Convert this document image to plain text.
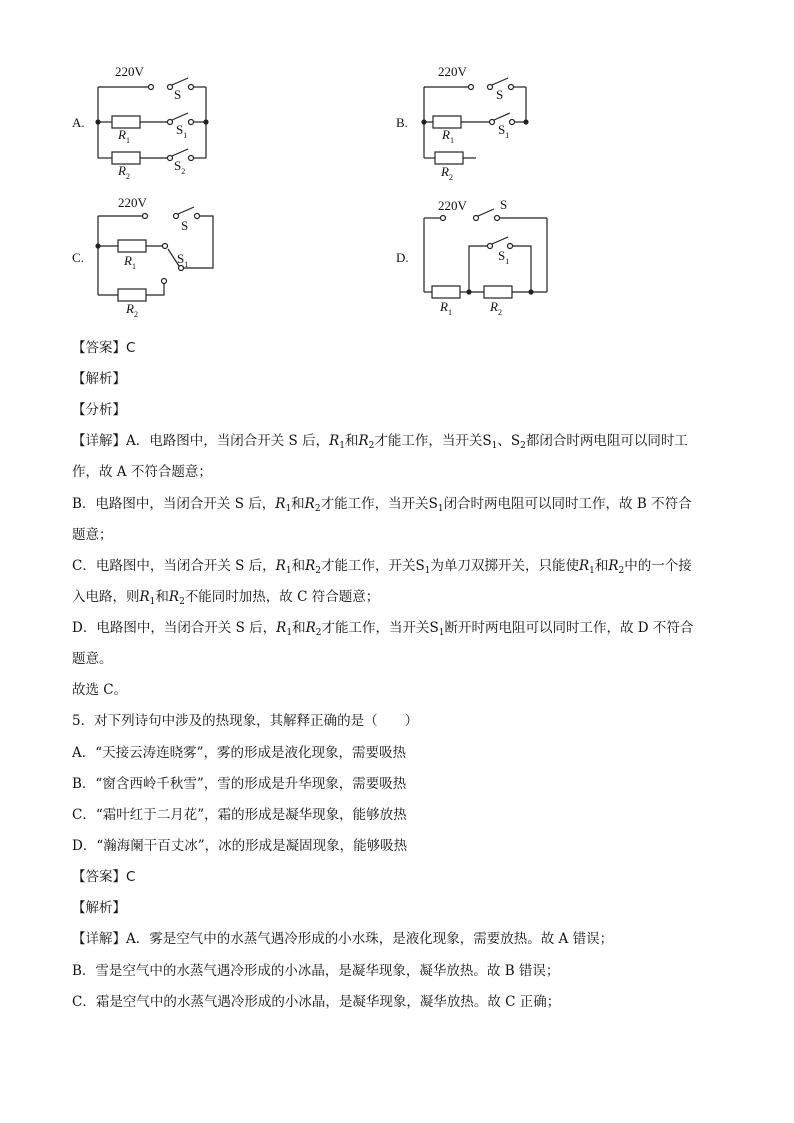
A.
220V
S
$S_1$
$S_2$
$R_1$
$R_2$
B.
220V
S
$S_1$
$R_1$
$R_2$
C.
220V
S
$S_1$
$R_1$
$R_2$
D.
220V	S
$S_1$
$R_1$	$R_2$
【答案】C
【解析】
【分析】
【详解】A．电路图中，当闭合开关 S 后，$R_1$和$R_2$才能工作，当开关$S_1$、$S_2$都闭合时两电阻可以同时工
作，故 A 不符合题意；
B．电路图中，当闭合开关 S 后，$R_1$和$R_2$才能工作，当开关$S_1$闭合时两电阻可以同时工作，故 B 不符合
题意；
C．电路图中，当闭合开关 S 后，$R_1$和$R_2$才能工作，开关$S_1$为单刀双掷开关，只能使$R_1$和$R_2$中的一个接
入电路，则$R_1$和$R_2$不能同时加热，故 C 符合题意；
D．电路图中，当闭合开关 S 后，$R_1$和$R_2$才能工作，当开关$S_1$断开时两电阻可以同时工作，故 D 不符合
题意。
故选 C。
5．对下列诗句中涉及的热现象，其解释正确的是（　　）
A．“天接云涛连晓雾”，雾的形成是液化现象，需要吸热
B．“窗含西岭千秋雪”，雪的形成是升华现象，需要吸热
C．“霜叶红于二月花”，霜的形成是凝华现象，能够放热
D．“瀚海阑干百丈冰”，冰的形成是凝固现象，能够吸热
【答案】C
【解析】
【详解】A．雾是空气中的水蒸气遇冷形成的小水珠，是液化现象，需要放热。故 A 错误；
B．雪是空气中的水蒸气遇冷形成的小冰晶，是凝华现象，凝华放热。故 B 错误；
C．霜是空气中的水蒸气遇冷形成的小冰晶，是凝华现象，凝华放热。故 C 正确；
